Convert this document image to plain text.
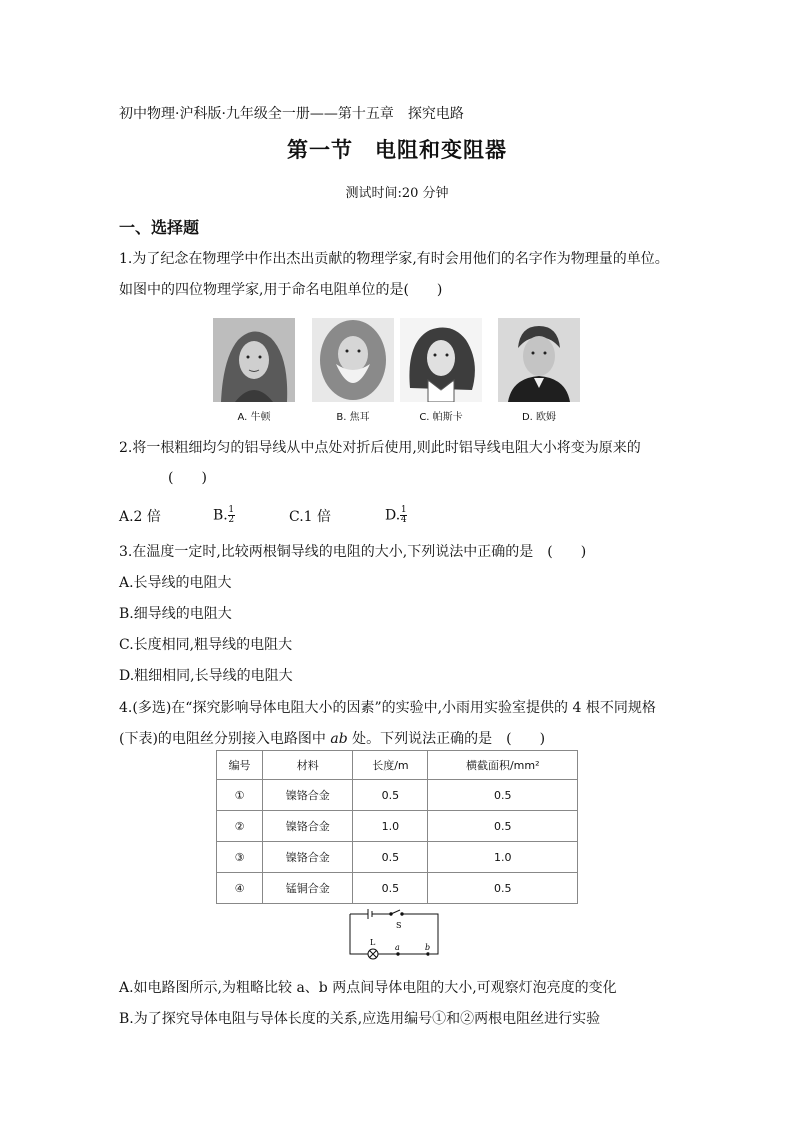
初中物理·沪科版·九年级全一册——第十五章　探究电路
第一节　电阻和变阻器
测试时间:20 分钟
一、选择题
1.为了纪念在物理学中作出杰出贡献的物理学家,有时会用他们的名字作为物理量的单位。
如图中的四位物理学家,用于命名电阻单位的是(　　)
A. 牛顿	B. 焦耳	C. 帕斯卡	D. 欧姆
2.将一根粗细均匀的铝导线从中点处对折后使用,则此时铝导线电阻大小将变为原来的
(　　)
A.2 倍	B. $\frac{1}{2}$	C.1 倍	D. $\frac{1}{4}$
3.在温度一定时,比较两根铜导线的电阻的大小,下列说法中正确的是　(　　)
A.长导线的电阻大
B.细导线的电阻大
C.长度相同,粗导线的电阻大
D.粗细相同,长导线的电阻大
4.(多选)在“探究影响导体电阻大小的因素”的实验中,小雨用实验室提供的 4 根不同规格
(下表)的电阻丝分别接入电路图中 ab 处。下列说法正确的是　(　　)
编号	材料	长度/m	横截面积/mm²
①	镍铬合金	0.5	0.5
②	镍铬合金	1.0	0.5
③	镍铬合金	0.5	1.0
④	锰铜合金	0.5	0.5
S
L
a	b
A.如电路图所示,为粗略比较 a、b 两点间导体电阻的大小,可观察灯泡亮度的变化
B.为了探究导体电阻与导体长度的关系,应选用编号①和②两根电阻丝进行实验
